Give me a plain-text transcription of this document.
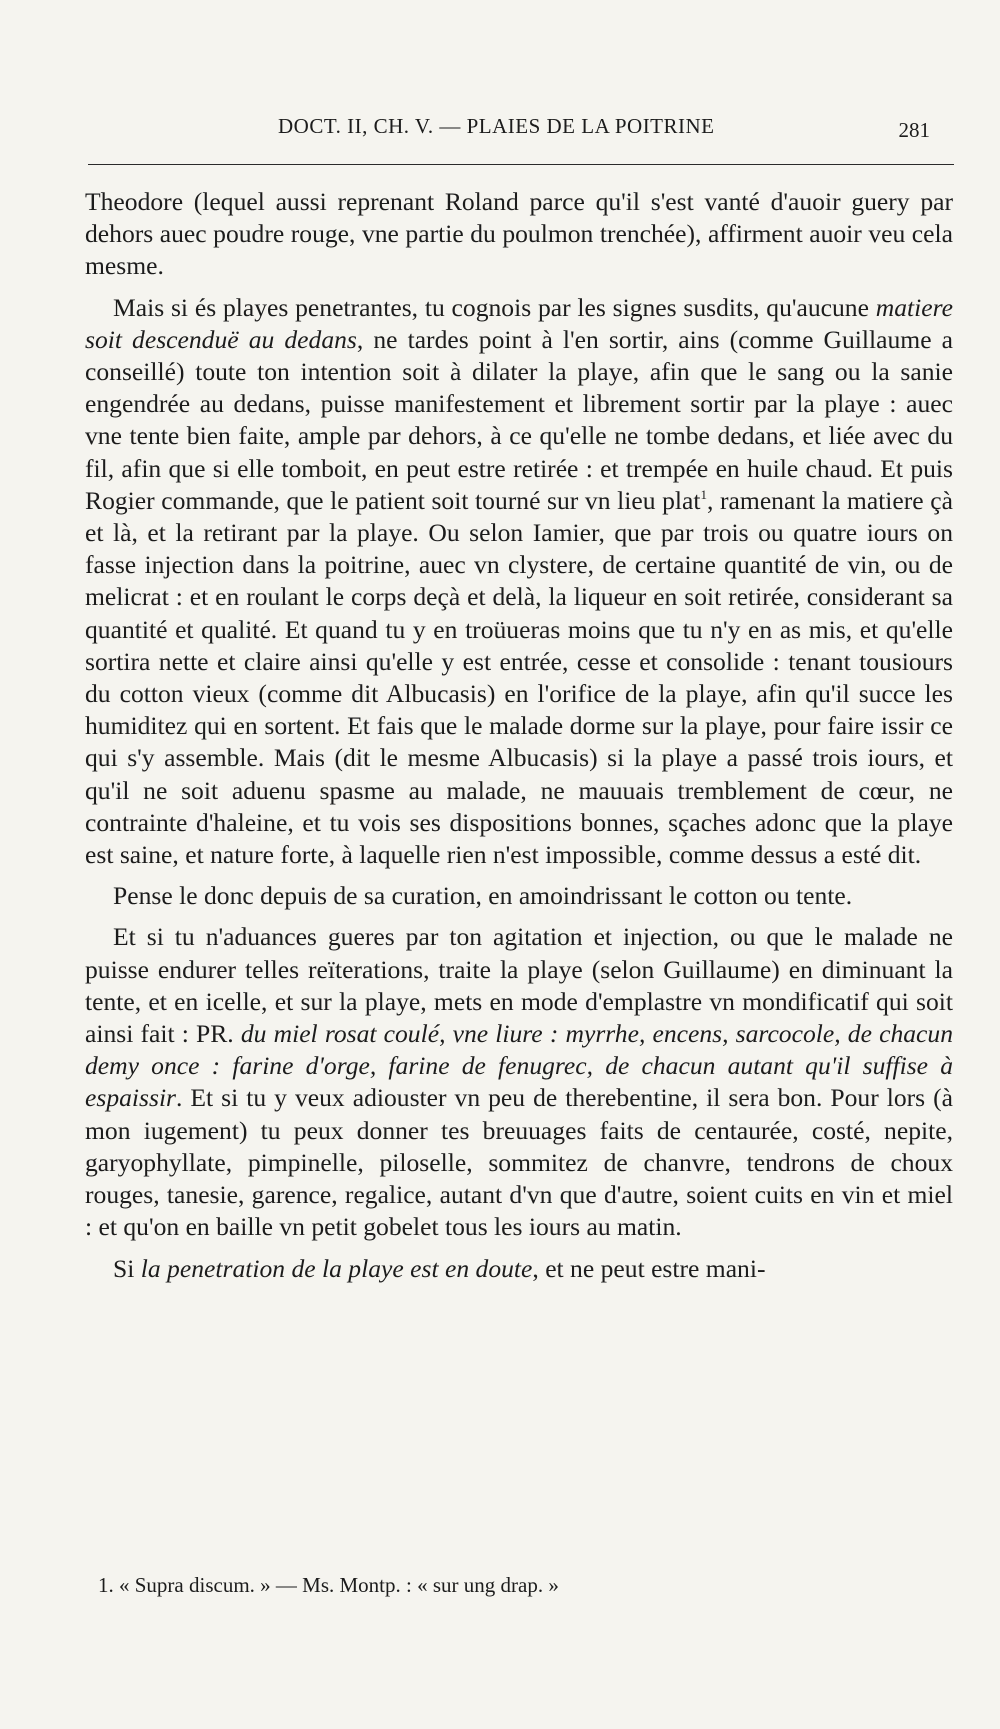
DOCT. II, CH. V. — PLAIES DE LA POITRINE	281

Theodore (lequel aussi reprenant Roland parce qu'il s'est vanté d'auoir guery par dehors auec poudre rouge, vne partie du poulmon trenchée), affirment auoir veu cela mesme.

Mais si és playes penetrantes, tu cognois par les signes susdits, qu'aucune matiere soit descenduë au dedans, ne tardes point à l'en sortir, ains (comme Guillaume a conseillé) toute ton intention soit à dilater la playe, afin que le sang ou la sanie engendrée au dedans, puisse manifestement et librement sortir par la playe : auec vne tente bien faite, ample par dehors, à ce qu'elle ne tombe dedans, et liée avec du fil, afin que si elle tomboit, en peut estre retirée : et trempée en huile chaud. Et puis Rogier commande, que le patient soit tourné sur vn lieu plat$^1$, ramenant la matiere çà et là, et la retirant par la playe. Ou selon Iamier, que par trois ou quatre iours on fasse injection dans la poitrine, auec vn clystere, de certaine quantité de vin, ou de melicrat : et en roulant le corps deçà et delà, la liqueur en soit retirée, considerant sa quantité et qualité. Et quand tu y en troüueras moins que tu n'y en as mis, et qu'elle sortira nette et claire ainsi qu'elle y est entrée, cesse et consolide : tenant tousiours du cotton vieux (comme dit Albucasis) en l'orifice de la playe, afin qu'il succe les humiditez qui en sortent. Et fais que le malade dorme sur la playe, pour faire issir ce qui s'y assemble. Mais (dit le mesme Albucasis) si la playe a passé trois iours, et qu'il ne soit aduenu spasme au malade, ne mauuais tremblement de cœur, ne contrainte d'haleine, et tu vois ses dispositions bonnes, sçaches adonc que la playe est saine, et nature forte, à laquelle rien n'est impossible, comme dessus a esté dit.

Pense le donc depuis de sa curation, en amoindrissant le cotton ou tente.

Et si tu n'aduances gueres par ton agitation et injection, ou que le malade ne puisse endurer telles reïterations, traite la playe (selon Guillaume) en diminuant la tente, et en icelle, et sur la playe, mets en mode d'emplastre vn mondificatif qui soit ainsi fait : PR. du miel rosat coulé, vne liure : myrrhe, encens, sarcocole, de chacun demy once : farine d'orge, farine de fenugrec, de chacun autant qu'il suffise à espaissir. Et si tu y veux adiouster vn peu de therebentine, il sera bon. Pour lors (à mon iugement) tu peux donner tes breuuages faits de centaurée, costé, nepite, garyophyllate, pimpinelle, piloselle, sommitez de chanvre, tendrons de choux rouges, tanesie, garence, regalice, autant d'vn que d'autre, soient cuits en vin et miel : et qu'on en baille vn petit gobelet tous les iours au matin.

Si la penetration de la playe est en doute, et ne peut estre mani-

1. « Supra discum. » — Ms. Montp. : « sur ung drap. »
